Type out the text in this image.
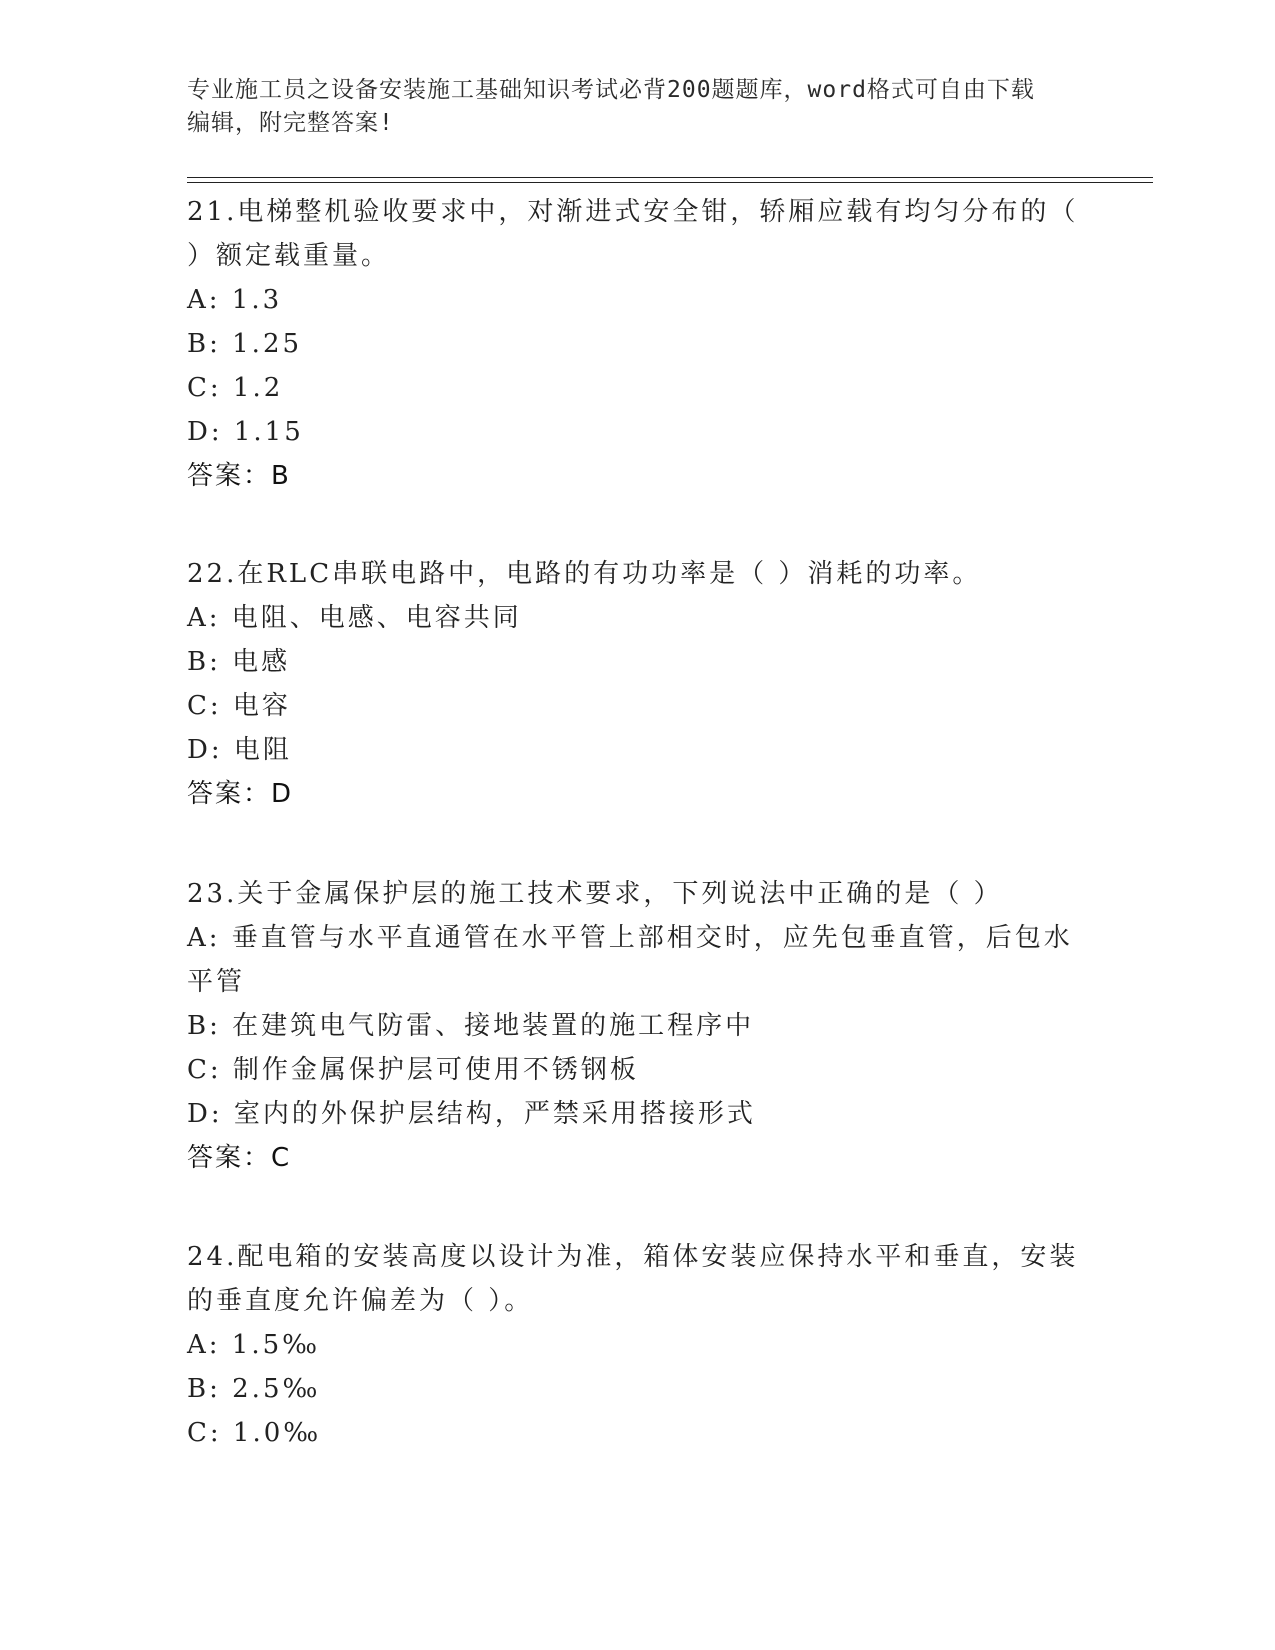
专业施工员之设备安装施工基础知识考试必背200题题库，word格式可自由下载
编辑，附完整答案!

21.电梯整机验收要求中，对渐进式安全钳，轿厢应载有均匀分布的（

）额定载重量。

A: 1.3

B: 1.25

C: 1.2

D: 1.15

答案：B

22.在RLC串联电路中，电路的有功功率是（ ）消耗的功率。

A: 电阻、电感、电容共同

B: 电感

C: 电容

D: 电阻

答案：D

23.关于金属保护层的施工技术要求，下列说法中正确的是（ ）

A: 垂直管与水平直通管在水平管上部相交时，应先包垂直管，后包水

平管

B: 在建筑电气防雷、接地装置的施工程序中

C: 制作金属保护层可使用不锈钢板

D: 室内的外保护层结构，严禁采用搭接形式

答案：C

24.配电箱的安装高度以设计为准，箱体安装应保持水平和垂直，安装

的垂直度允许偏差为（ ）。

A: 1.5‰

B: 2.5‰

C: 1.0‰
